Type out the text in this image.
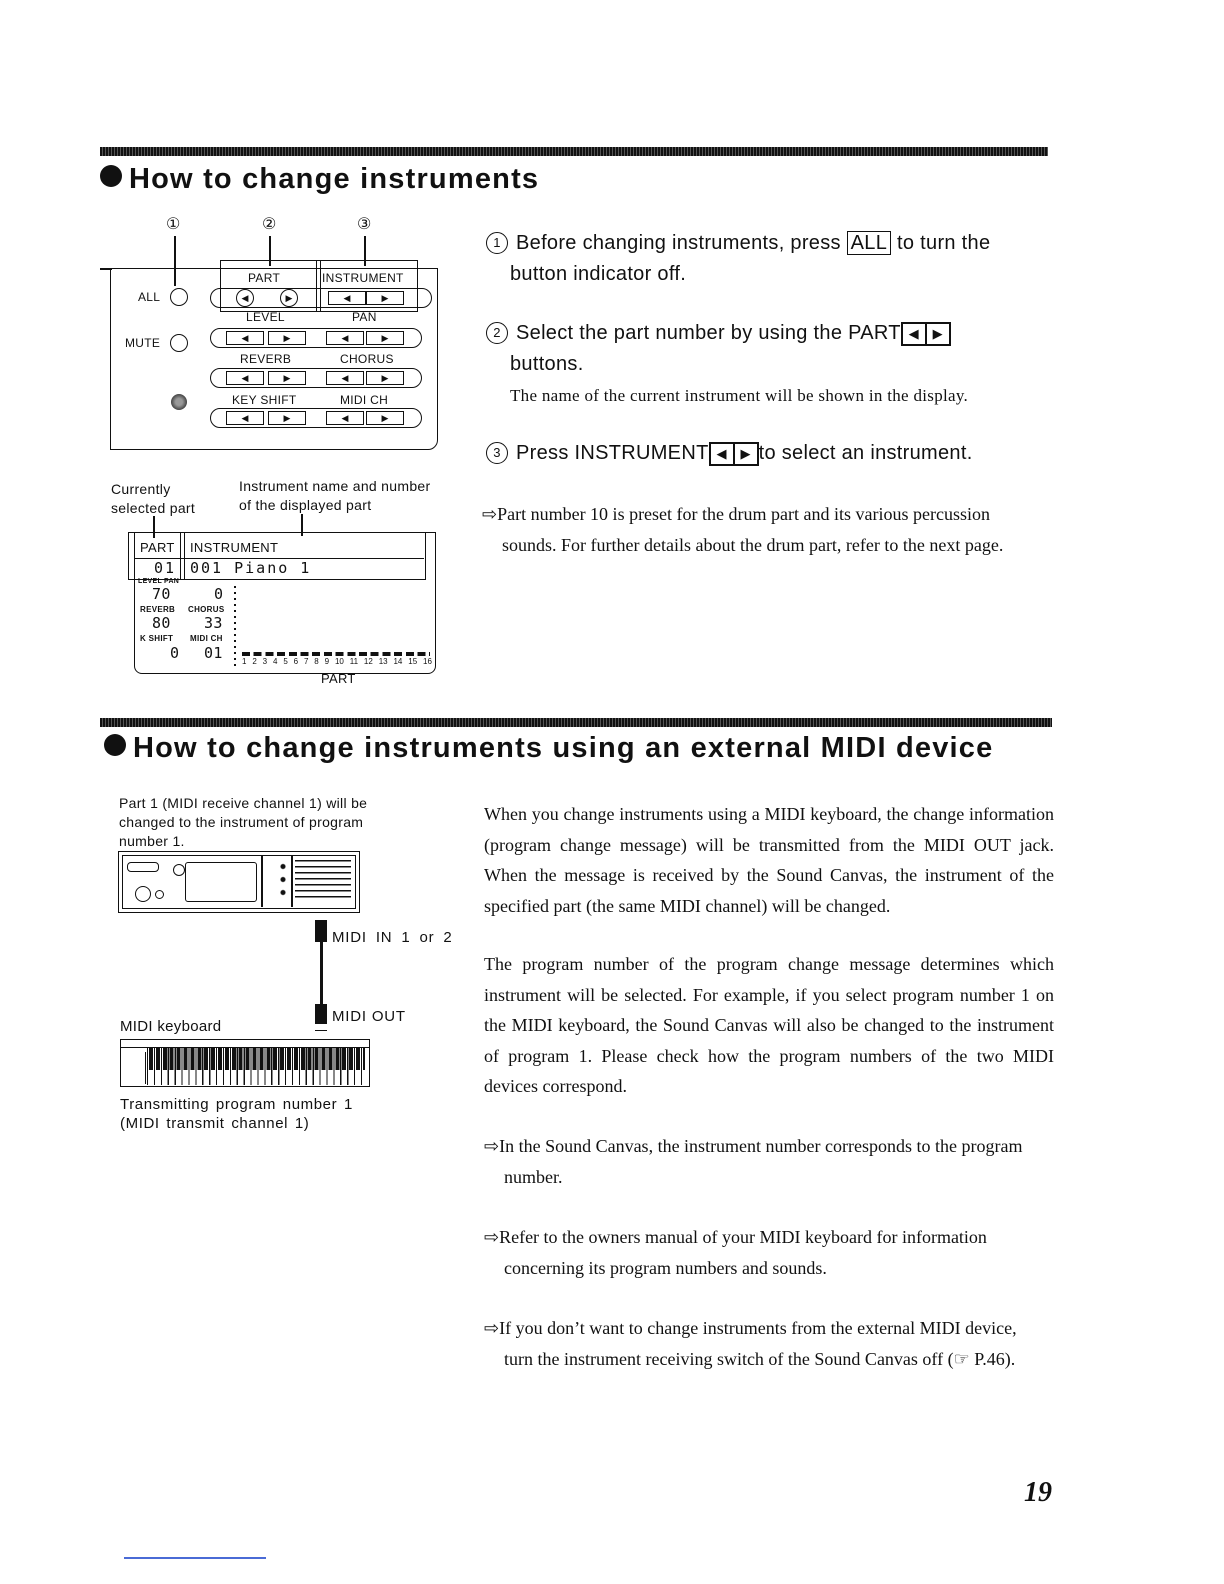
How to change instruments
①	②	③
ALL
MUTE
PART	INSTRUMENT
◀	▶	◀	▶
LEVEL	PAN
◀	▶	◀	▶
REVERB	CHORUS
◀	▶	◀	▶
KEY SHIFT	MIDI CH
◀	▶	◀	▶
Currently
selected part
Instrument name and number
of the displayed part
PART INSTRUMENT
01 001 Piano 1
LEVEL PAN
70	0
REVERB CHORUS
80 33
K SHIFT MIDI CH
0 01 1 2 3 4 5 6 7 8 9 10 11 12 13 14 15 16
PART
1 Before changing instruments, press ALL to turn the
button indicator off.
2 Select the part number by using the PART ◀ ▶
buttons.
The name of the current instrument will be shown in the display.
3 Press INSTRUMENT ◀ ▶ to select an instrument.
⇨Part number 10 is preset for the drum part and its various percussion
sounds. For further details about the drum part, refer to the next page.
How to change instruments using an external MIDI device
Part 1 (MIDI receive channel 1) will be
changed to the instrument of program
number 1.
MIDI IN 1 or 2
MIDI OUT
MIDI keyboard
Transmitting program number 1
(MIDI transmit channel 1)
When you change instruments using a MIDI keyboard, the change information (program change message) will be transmitted from the MIDI OUT jack. When the message is received by the Sound Canvas, the instrument of the specified part (the same MIDI channel) will be changed.
The program number of the program change message determines which instrument will be selected. For example, if you select program number 1 on the MIDI keyboard, the Sound Canvas will also be changed to the instrument of program 1. Please check how the program numbers of the two MIDI devices correspond.
⇨In the Sound Canvas, the instrument number corresponds to the program
number.
⇨Refer to the owners manual of your MIDI keyboard for information
concerning its program numbers and sounds.
⇨If you don’t want to change instruments from the external MIDI device,
turn the instrument receiving switch of the Sound Canvas off (☞ P.46).
19
